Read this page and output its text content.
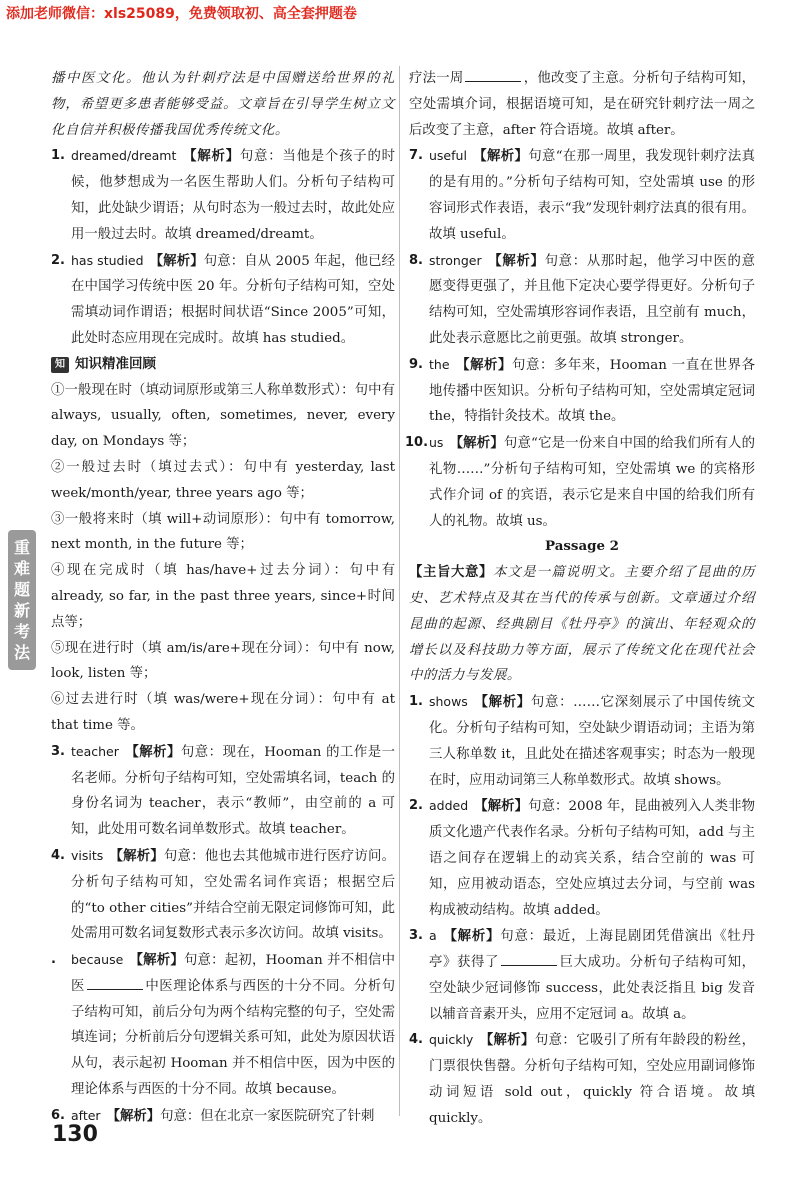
添加老师微信：xls25089，免费领取初、高全套押题卷
重
难
题
新
考
法

播中医文化。他认为针刺疗法是中国赠送给世界的礼物，希望更多患者能够受益。文章旨在引导学生树立文化自信并积极传播我国优秀传统文化。

1. dreamed/dreamt 【解析】句意：当他是个孩子的时候，他梦想成为一名医生帮助人们。分析句子结构可知，此处缺少谓语；从句时态为一般过去时，故此处应用一般过去时。故填 dreamed/dreamt。
2. has studied 【解析】句意：自从 2005 年起，他已经在中国学习传统中医 20 年。分析句子结构可知，空处需填动词作谓语；根据时间状语“Since 2005”可知，此处时态应用现在完成时。故填 has studied。
知 知识精准回顾

①一般现在时（填动词原形或第三人称单数形式）：句中有 always, usually, often, sometimes, never, every day, on Mondays 等；

②一般过去时（填过去式）：句中有 yesterday, last week/month/year, three years ago 等；

③一般将来时（填 will+动词原形）：句中有 tomorrow, next month, in the future 等；

④现在完成时（填 has/have+过去分词）：句中有 already, so far, in the past three years, since+时间点等；

⑤现在进行时（填 am/is/are+现在分词）：句中有 now, look, listen 等；

⑥过去进行时（填 was/were+现在分词）：句中有 at that time 等。

3. teacher 【解析】句意：现在，Hooman 的工作是一名老师。分析句子结构可知，空处需填名词，teach 的身份名词为 teacher，表示“教师”，由空前的 a 可知，此处用可数名词单数形式。故填 teacher。
4. visits 【解析】句意：他也去其他城市进行医疗访问。分析句子结构可知，空处需名词作宾语；根据空后的“to other cities”并结合空前无限定词修饰可知，此处需用可数名词复数形式表示多次访问。故填 visits。
. because 【解析】句意：起初，Hooman 并不相信中医	中医理论体系与西医的十分不同。分析句子结构可知，前后分句为两个结构完整的句子，空处需填连词；分析前后分句逻辑关系可知，此处为原因状语从句，表示起初 Hooman 并不相信中医，因为中医的理论体系与西医的十分不同。故填 because。
6. after 【解析】句意：但在北京一家医院研究了针刺

疗法一周	，他改变了主意。分析句子结构可知，空处需填介词，根据语境可知，是在研究针刺疗法一周之后改变了主意，after 符合语境。故填 after。

7. useful 【解析】句意“在那一周里，我发现针刺疗法真的是有用的。”分析句子结构可知，空处需填 use 的形容词形式作表语，表示“我”发现针刺疗法真的很有用。故填 useful。
8. stronger 【解析】句意：从那时起，他学习中医的意愿变得更强了，并且他下定决心要学得更好。分析句子结构可知，空处需填形容词作表语，且空前有 much，此处表示意愿比之前更强。故填 stronger。
9. the 【解析】句意：多年来，Hooman 一直在世界各地传播中医知识。分析句子结构可知，空处需填定冠词 the，特指针灸技术。故填 the。
10. us 【解析】句意“它是一份来自中国的给我们所有人的礼物……”分析句子结构可知，空处需填 we 的宾格形式作介词 of 的宾语，表示它是来自中国的给我们所有人的礼物。故填 us。

Passage 2

【主旨大意】本文是一篇说明文。主要介绍了昆曲的历史、艺术特点及其在当代的传承与创新。文章通过介绍昆曲的起源、经典剧目《牡丹亭》的演出、年轻观众的增长以及科技助力等方面，展示了传统文化在现代社会中的活力与发展。

1. shows 【解析】句意：……它深刻展示了中国传统文化。分析句子结构可知，空处缺少谓语动词；主语为第三人称单数 it，且此处在描述客观事实；时态为一般现在时，应用动词第三人称单数形式。故填 shows。
2. added 【解析】句意：2008 年，昆曲被列入人类非物质文化遗产代表作名录。分析句子结构可知，add 与主语之间存在逻辑上的动宾关系，结合空前的 was 可知，应用被动语态，空处应填过去分词，与空前 was 构成被动结构。故填 added。
3. a 【解析】句意：最近，上海昆剧团凭借演出《牡丹亭》获得了	巨大成功。分析句子结构可知，空处缺少冠词修饰 success，此处表泛指且 big 发音以辅音音素开头，应用不定冠词 a。故填 a。
4. quickly 【解析】句意：它吸引了所有年龄段的粉丝，门票很快售罄。分析句子结构可知，空处应用副词修饰动词短语 sold out，quickly 符合语境。故填 quickly。
130
